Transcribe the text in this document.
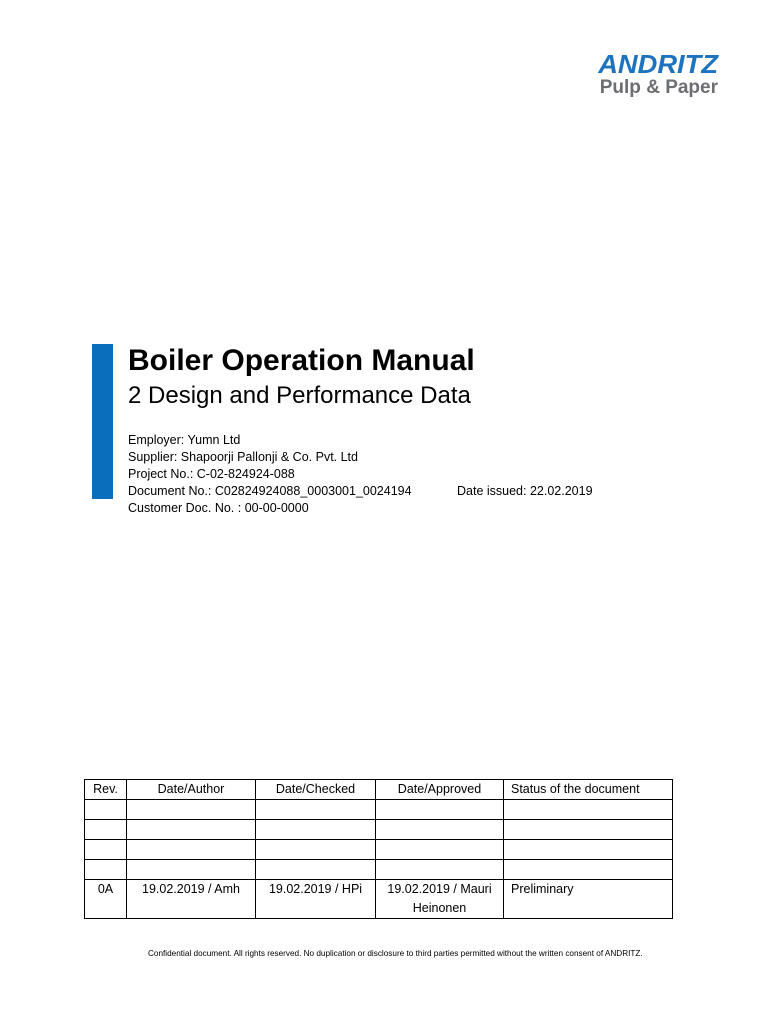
ANDRITZ
Pulp & Paper
Boiler Operation Manual
2 Design and Performance Data
Employer: Yumn Ltd
Supplier: Shapoorji Pallonji & Co. Pvt. Ltd
Project No.: C-02-824924-088
Document No.: C02824924088_0003001_0024194	Date issued: 22.02.2019
Customer Doc. No. : 00-00-0000
Rev.	Date/Author	Date/Checked	Date/Approved	Status of the document

0A	19.02.2019 / Amh	19.02.2019 / HPi	19.02.2019 / Mauri Heinonen	Preliminary
Confidential document. All rights reserved. No duplication or disclosure to third parties permitted without the written consent of ANDRITZ.
